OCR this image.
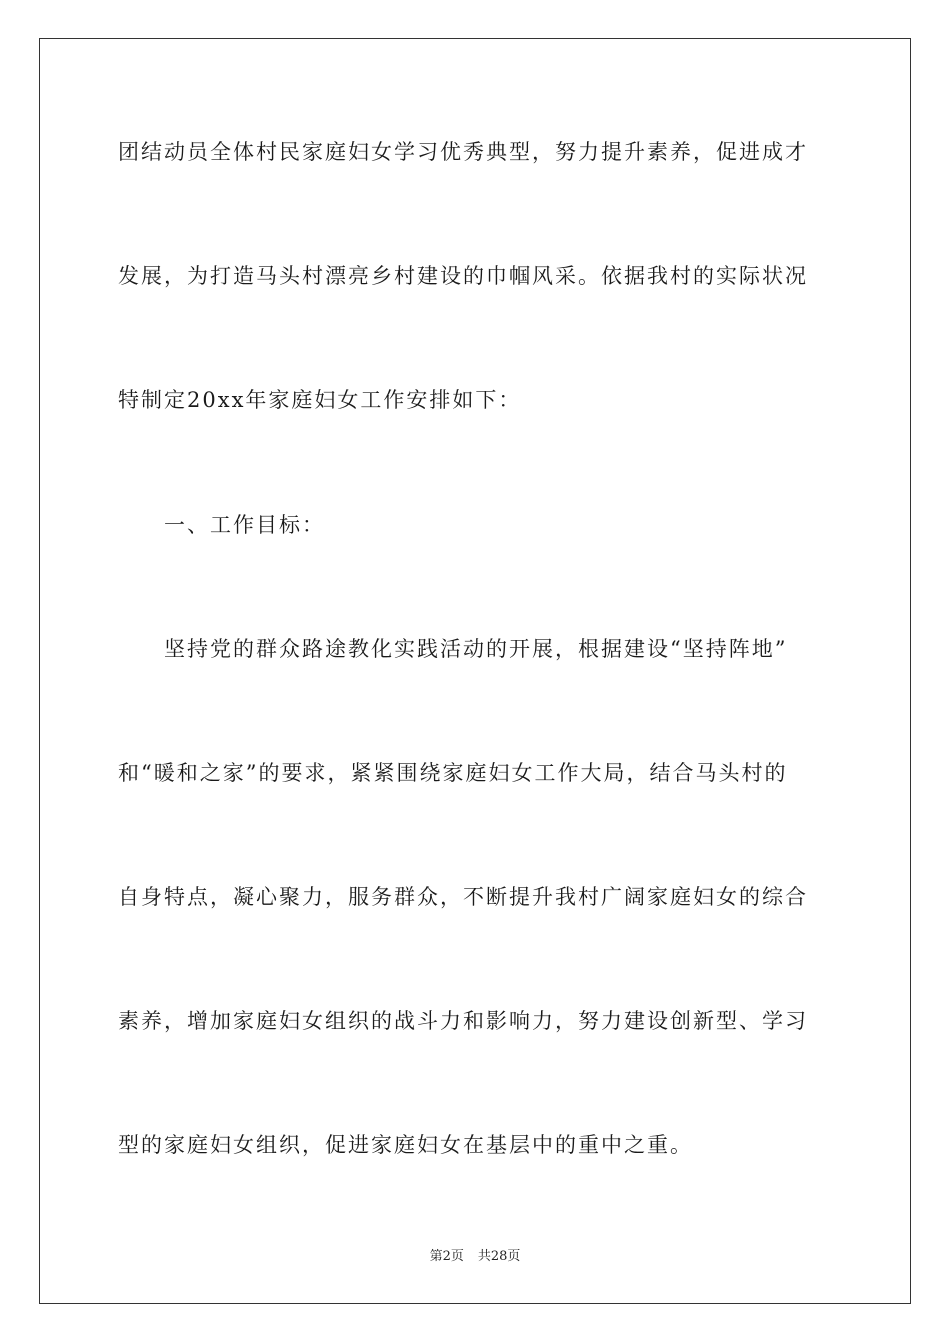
团结动员全体村民家庭妇女学习优秀典型，努力提升素养，促进成才
发展，为打造马头村漂亮乡村建设的巾帼风采。依据我村的实际状况
特制定20xx年家庭妇女工作安排如下：
一、工作目标：
坚持党的群众路途教化实践活动的开展，根据建设“坚持阵地”
和“暖和之家”的要求，紧紧围绕家庭妇女工作大局，结合马头村的
自身特点，凝心聚力，服务群众，不断提升我村广阔家庭妇女的综合
素养，增加家庭妇女组织的战斗力和影响力，努力建设创新型、学习
型的家庭妇女组织，促进家庭妇女在基层中的重中之重。
第2页 共28页
